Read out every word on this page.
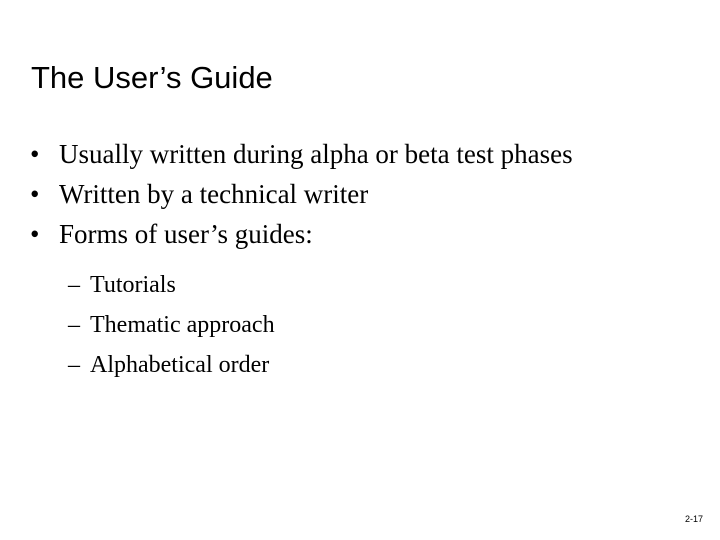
The User’s Guide
• Usually written during alpha or beta test phases
• Written by a technical writer
• Forms of user’s guides:
– Tutorials
– Thematic approach
– Alphabetical order
2-17
